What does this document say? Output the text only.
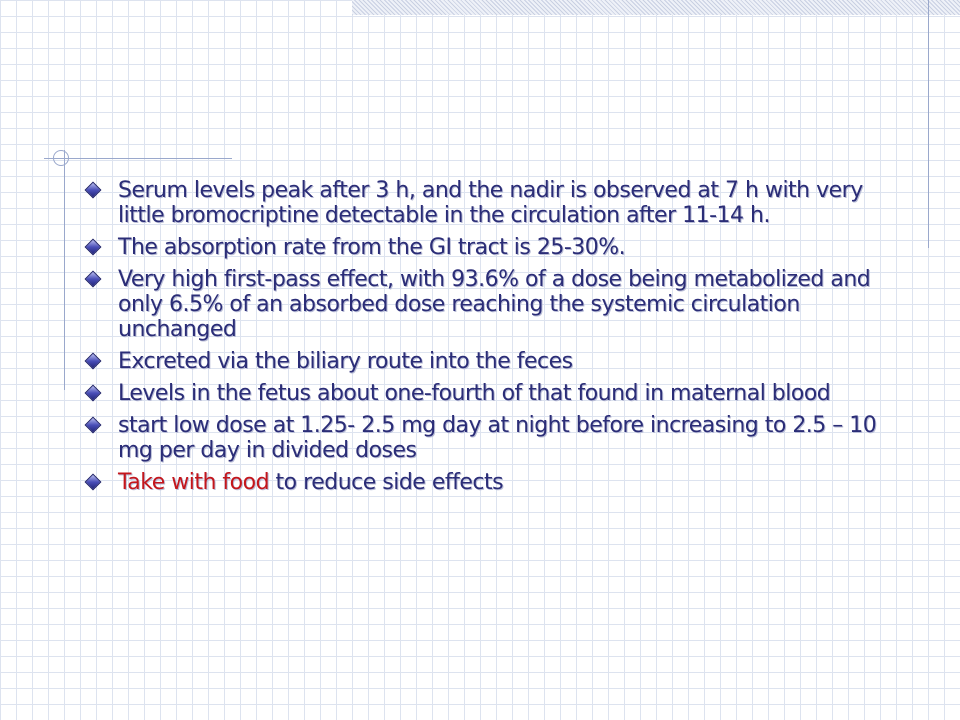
Serum levels peak after 3 h, and the nadir is observed at 7 h with very little bromocriptine detectable in the circulation after 11-14 h.
The absorption rate from the GI tract is 25-30%.
Very high first-pass effect, with 93.6% of a dose being metabolized and only 6.5% of an absorbed dose reaching the systemic circulation unchanged
Excreted via the biliary route into the feces
Levels in the fetus about one-fourth of that found in maternal blood
start low dose at 1.25- 2.5 mg day at night before increasing to 2.5 – 10 mg per day in divided doses
Take with food to reduce side effects
